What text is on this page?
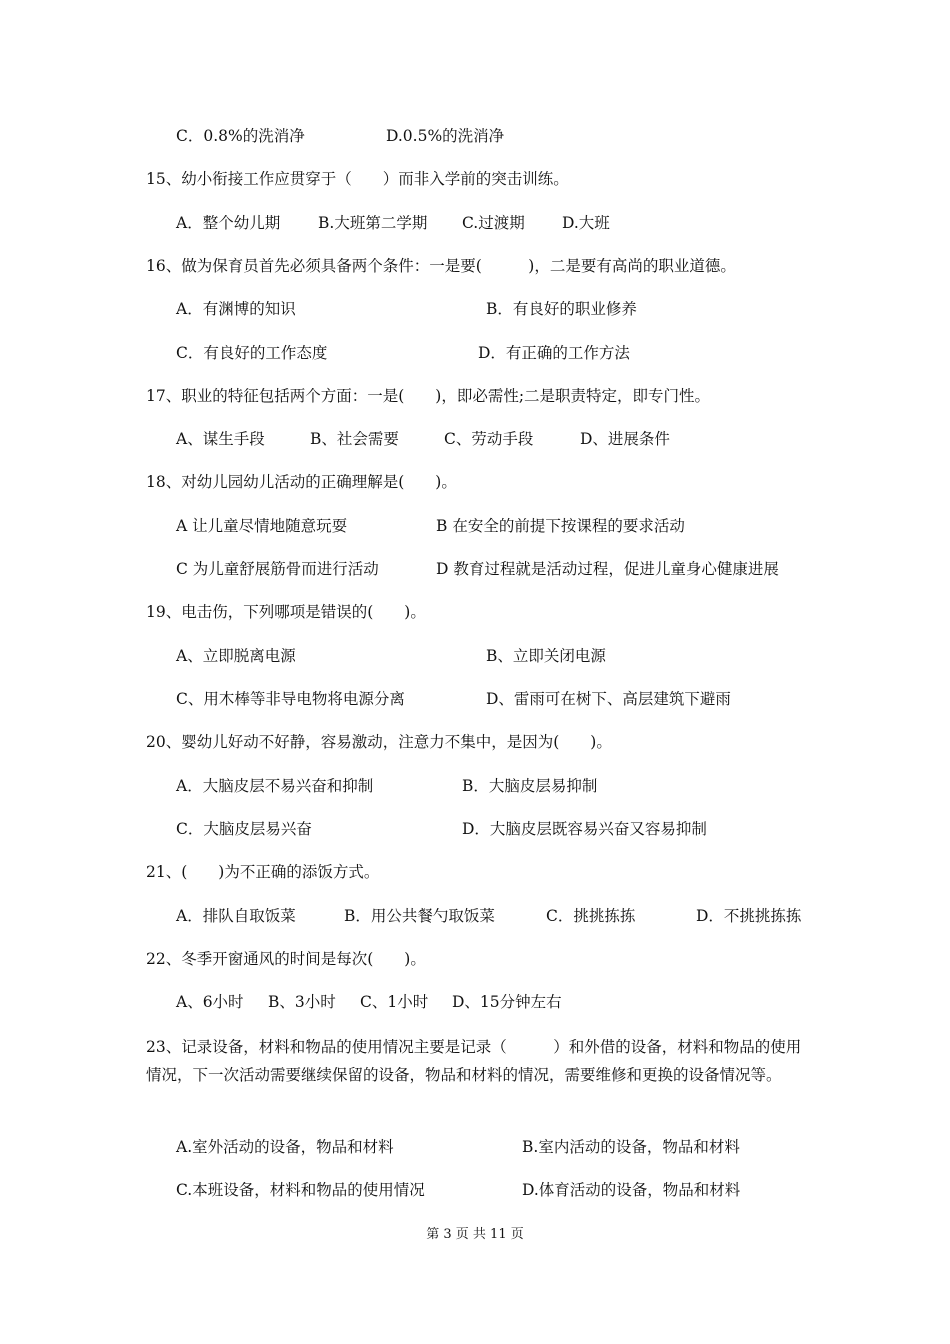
C．0.8%的洗消净	D.0.5%的洗消净
15、幼小衔接工作应贯穿于（　　）而非入学前的突击训练。
A．整个幼儿期 B.大班第二学期 C.过渡期 D.大班
16、做为保育员首先必须具备两个条件：一是要(　　　)，二是要有高尚的职业道德。
A．有渊博的知识	B．有良好的职业修养
C．有良好的工作态度	D．有正确的工作方法
17、职业的特征包括两个方面：一是(　　)，即必需性;二是职责特定，即专门性。
A、谋生手段	B、社会需要	C、劳动手段	D、进展条件
18、对幼儿园幼儿活动的正确理解是(　　)。
A 让儿童尽情地随意玩耍	B 在安全的前提下按课程的要求活动
C 为儿童舒展筋骨而进行活动	D 教育过程就是活动过程，促进儿童身心健康进展
19、电击伤，下列哪项是错误的(　　)。
A、立即脱离电源	B、立即关闭电源
C、用木棒等非导电物将电源分离	D、雷雨可在树下、高层建筑下避雨
20、婴幼儿好动不好静，容易激动，注意力不集中，是因为(　　)。
A．大脑皮层不易兴奋和抑制	B．大脑皮层易抑制
C．大脑皮层易兴奋	D．大脑皮层既容易兴奋又容易抑制
21、(　　)为不正确的添饭方式。
A．排队自取饭菜	B．用公共餐勺取饭菜	C．挑挑拣拣	D．不挑挑拣拣
22、冬季开窗通风的时间是每次(　　)。
A、6小时 B、3小时 C、1小时 D、15分钟左右
23、记录设备，材料和物品的使用情况主要是记录（　　　）和外借的设备，材料和物品的使用情况，下一次活动需要继续保留的设备，物品和材料的情况，需要维修和更换的设备情况等。
A.室外活动的设备，物品和材料	B.室内活动的设备，物品和材料
C.本班设备，材料和物品的使用情况	D.体育活动的设备，物品和材料
第 3 页 共 11 页
